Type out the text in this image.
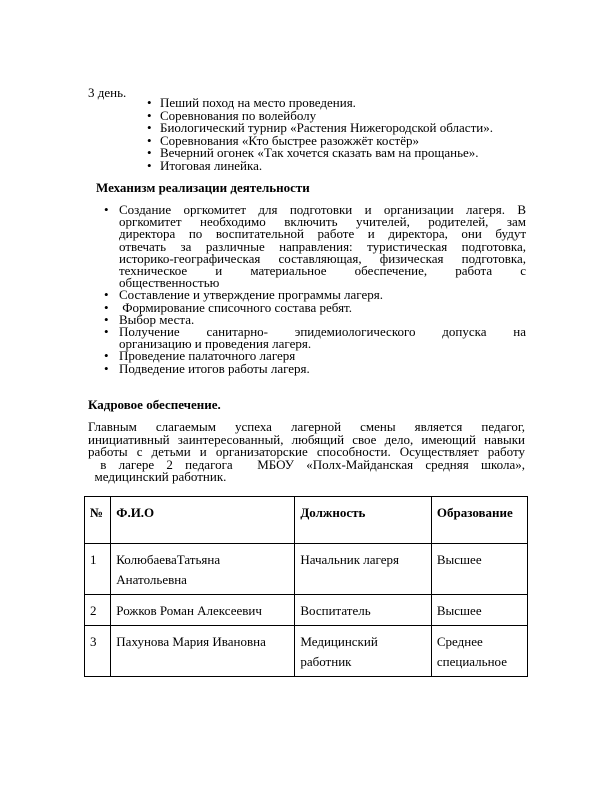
3 день.
• Пеший поход на место проведения.
• Соревнования по волейболу
• Биологический турнир «Растения Нижегородской области».
• Соревнования «Кто быстрее разожжёт костёр»
• Вечерний огонек «Так хочется сказать вам на прощанье».
• Итоговая линейка.
Механизм реализации деятельности
• Создание оргкомитет для подготовки и организации лагеря. В
оргкомитет необходимо включить учителей, родителей, зам
директора по воспитательной работе и директора, они будут
отвечать за различные направления: туристическая подготовка,
историко-географическая составляющая, физическая подготовка,
техническое и материальное обеспечение, работа с
общественностью
• Составление и утверждение программы лагеря.
•  Формирование списочного состава ребят.
• Выбор места.
• Получение санитарно- эпидемиологического допуска на
организацию и проведения лагеря.
• Проведение палаточного лагеря
• Подведение итогов работы лагеря.
Кадровое обеспечение.
Главным слагаемым успеха лагерной смены является педагог,
инициативный заинтересованный, любящий свое дело, имеющий навыки
работы с детьми и организаторские способности. Осуществляет работу
в  лагере  2  педагога    МБОУ  «Полх-Майданская  средняя  школа»,
медицинский работник.
№	Ф.И.О	Должность	Образование
1	КолюбаеваТатьяна Анатольевна	Начальник лагеря	Высшее
2	Рожков Роман Алексеевич	Воспитатель	Высшее
3	Пахунова Мария Ивановна	Медицинский работник	Среднее специальное
